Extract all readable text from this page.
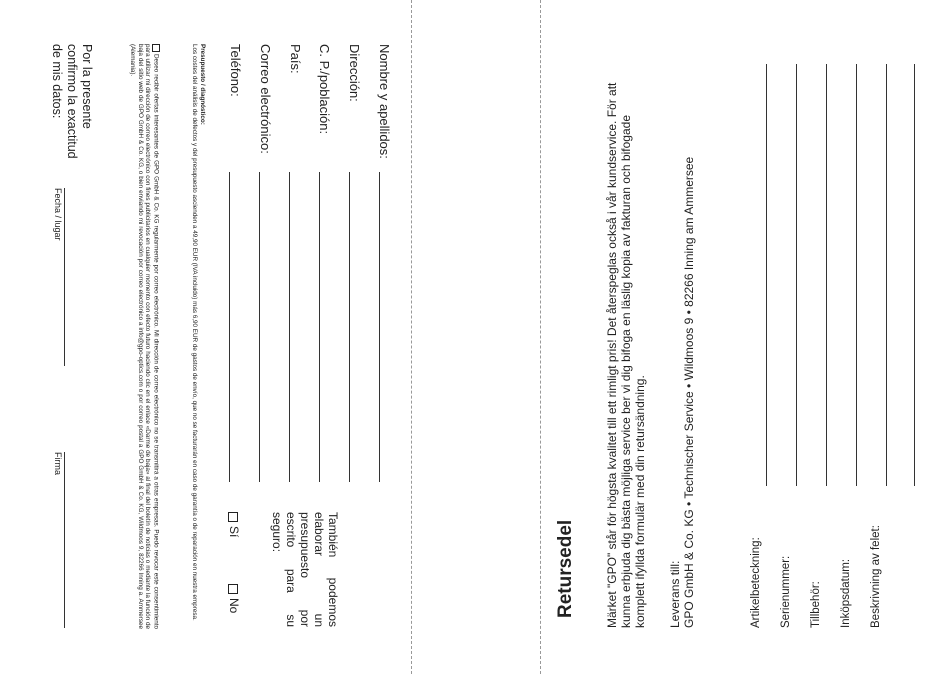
Nombre y apellidos:
Dirección:
C. P./población:
País:
Correo electrónico:
Teléfono:
También podemos elaborar un presupuesto por escrito para su seguro:
Sí
No
Presupuesto / diagnóstico:
Los costes del análisis de defectos y del presupuesto ascienden a 49,90 EUR (IVA incluido) más 6,90 EUR de gastos de envío, que no se facturarán en caso de garantía o de reparación en nuestra empresa.
Deseo recibir ofertas interesantes de GPO GmbH & Co. KG regularmente por correo electrónico. Mi dirección de correo electrónico no se transmitirá a otras empresas. Puedo revocar este consentimiento para utilizar mi dirección de correo electrónico con fines publicitarios en cualquier momento con efecto futuro haciendo clic en el enlace «Darme de baja» al final del boletín de noticias o mediante la función de baja del sitio web de GPO GmbH & Co. KG, o bien enviando mi revocación por correo electrónico a info@gpo-optics.com o por correo postal a GPO GmbH & Co. KG, Wildmoos 9, 82266 Inning a. Ammersee (Alemania).
Por la presente confirmo la exactitud de mis datos:
Fecha / lugar
Firma
Retursedel Märket "GPO" står för högsta kvalitet till ett rimligt pris! Det återspeglas också i vår kundservice. För att kunna erbjuda dig bästa möjliga service ber vi dig bifoga en läslig kopia av fakturan och bifogade komplett ifyllda formulär med din retursändning. Leverans till: GPO GmbH & Co. KG • Technischer Service • Wildmoos 9 • 82266 Inning am Ammersee	Artikelbeteckning: Serienummer: Tillbehör: Inköpsdatum: Beskrivning av felet:
